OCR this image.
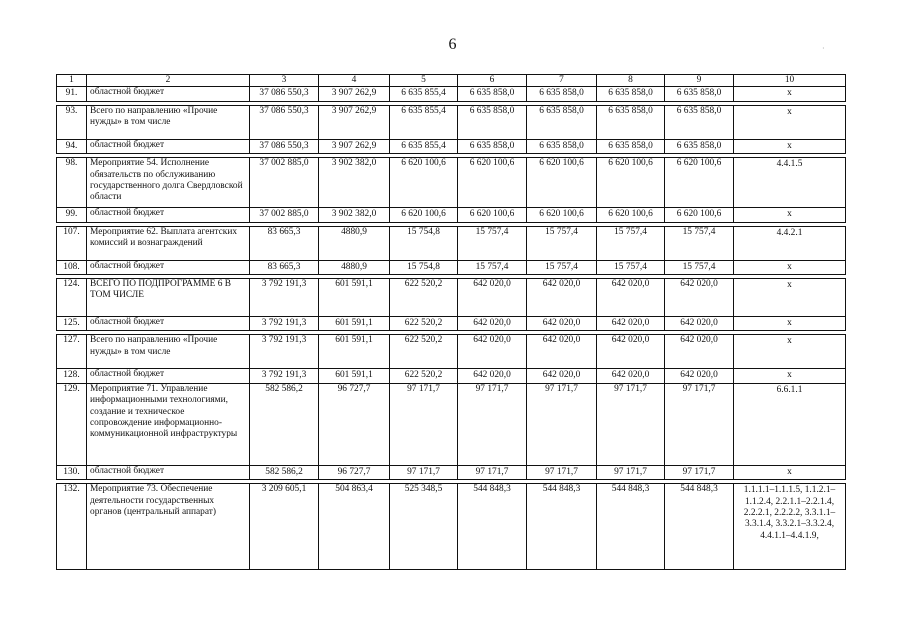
6	·
1	2	3	4	5	6	7	8	9	10
91.	областной бюджет	37 086 550,3	3 907 262,9	6 635 855,4	6 635 858,0	6 635 858,0	6 635 858,0	6 635 858,0	x

93.	Всего по направлению «Прочие нужды» в том числе	37 086 550,3	3 907 262,9	6 635 855,4	6 635 858,0	6 635 858,0	6 635 858,0	6 635 858,0	x
94.	областной бюджет	37 086 550,3	3 907 262,9	6 635 855,4	6 635 858,0	6 635 858,0	6 635 858,0	6 635 858,0	x

98.	Мероприятие 54. Исполнение обязательств по обслуживанию государственного долга Свердловской области	37 002 885,0	3 902 382,0	6 620 100,6	6 620 100,6	6 620 100,6	6 620 100,6	6 620 100,6	4.4.1.5
99.	областной бюджет	37 002 885,0	3 902 382,0	6 620 100,6	6 620 100,6	6 620 100,6	6 620 100,6	6 620 100,6	x

107.	Мероприятие 62. Выплата агентских комиссий и вознаграждений	83 665,3	4880,9	15 754,8	15 757,4	15 757,4	15 757,4	15 757,4	4.4.2.1
108.	областной бюджет	83 665,3	4880,9	15 754,8	15 757,4	15 757,4	15 757,4	15 757,4	x

124.	ВСЕГО ПО ПОДПРОГРАММЕ 6 В ТОМ ЧИСЛЕ	3 792 191,3	601 591,1	622 520,2	642 020,0	642 020,0	642 020,0	642 020,0	x
125.	областной бюджет	3 792 191,3	601 591,1	622 520,2	642 020,0	642 020,0	642 020,0	642 020,0	x

127.	Всего по направлению «Прочие нужды» в том числе	3 792 191,3	601 591,1	622 520,2	642 020,0	642 020,0	642 020,0	642 020,0	x
128.	областной бюджет	3 792 191,3	601 591,1	622 520,2	642 020,0	642 020,0	642 020,0	642 020,0	x
129.	Мероприятие 71. Управление информационными технологиями, создание и техническое сопровождение информационно-коммуникационной инфраструктуры	582 586,2	96 727,7	97 171,7	97 171,7	97 171,7	97 171,7	97 171,7	6.6.1.1
130.	областной бюджет	582 586,2	96 727,7	97 171,7	97 171,7	97 171,7	97 171,7	97 171,7	x

132.	Мероприятие 73. Обеспечение деятельности государственных органов (центральный аппарат)	3 209 605,1	504 863,4	525 348,5	544 848,3	544 848,3	544 848,3	544 848,3	1.1.1.1–1.1.1.5, 1.1.2.1–1.1.2.4, 2.2.1.1–2.2.1.4, 2.2.2.1, 2.2.2.2, 3.3.1.1–3.3.1.4, 3.3.2.1–3.3.2.4, 4.4.1.1–4.4.1.9,
